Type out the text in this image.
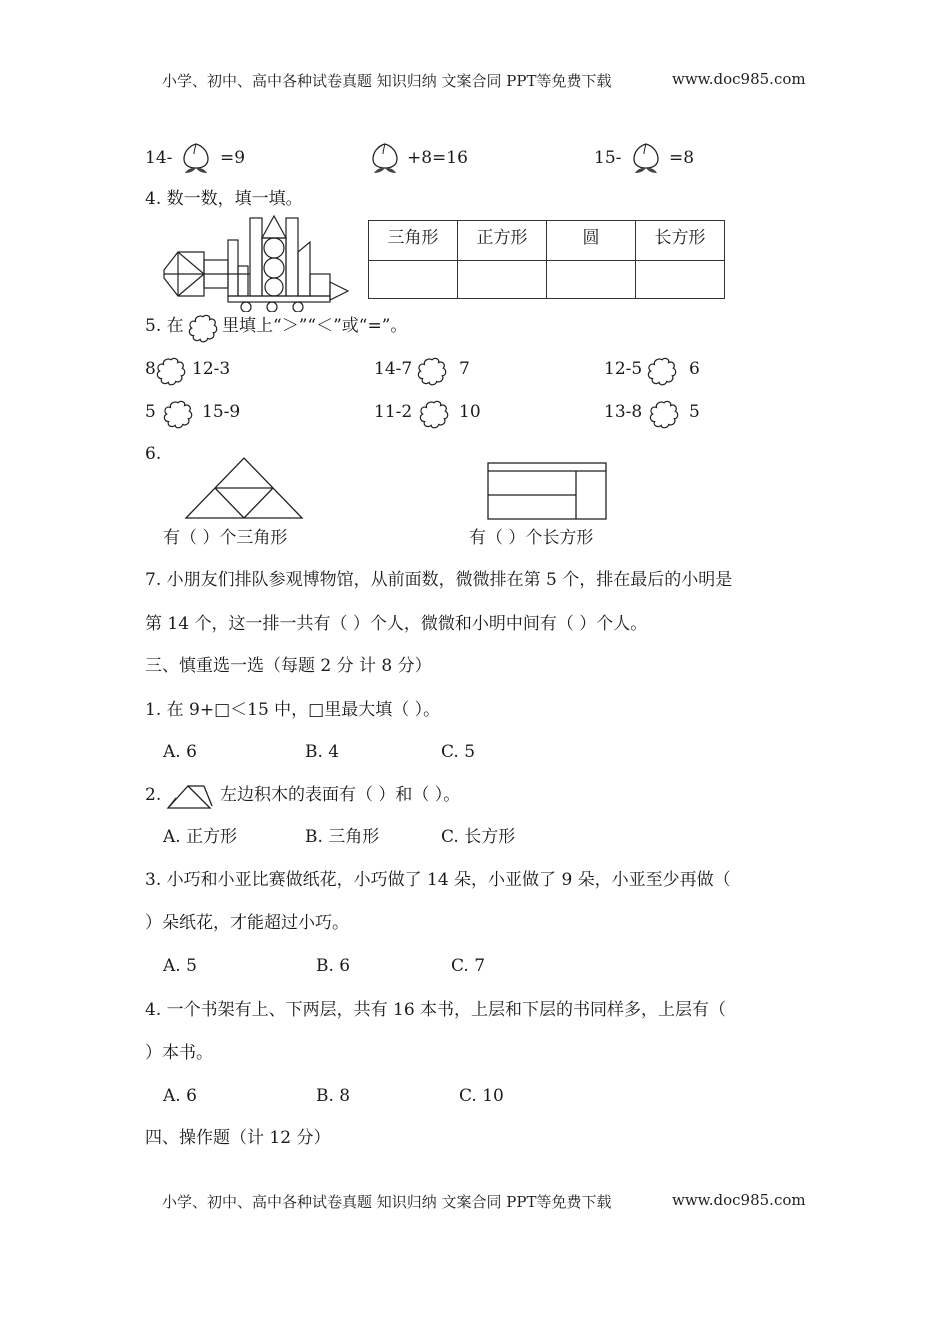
小学、初中、高中各种试卷真题 知识归纳 文案合同 PPT等免费下载	www.doc985.com
14-	=9	+8=16	15-	=8
4. 数一数，填一填。
三角形	正方形	圆	长方形

5. 在 里填上“＞”“＜”或“=”。
8 12-3	14-7	7	12-5	6
5	15-9	11-2	10	13-8	5
6.
有（ ）个三角形	有（ ）个长方形
7. 小朋友们排队参观博物馆，从前面数，微微排在第 5 个，排在最后的小明是
第 14 个，这一排一共有（ ）个人，微微和小明中间有（ ）个人。
三、慎重选一选（每题 2 分 计 8 分）
1. 在 9+□＜15 中，□里最大填（ ）。
A. 6	B. 4	C. 5
2.	左边积木的表面有（ ）和（ ）。
A. 正方形	B. 三角形	C. 长方形
3. 小巧和小亚比赛做纸花，小巧做了 14 朵，小亚做了 9 朵，小亚至少再做（
）朵纸花，才能超过小巧。
A. 5	B. 6	C. 7
4. 一个书架有上、下两层，共有 16 本书，上层和下层的书同样多，上层有（
）本书。
A. 6	B. 8	C. 10
四、操作题（计 12 分）
小学、初中、高中各种试卷真题 知识归纳 文案合同 PPT等免费下载	www.doc985.com
